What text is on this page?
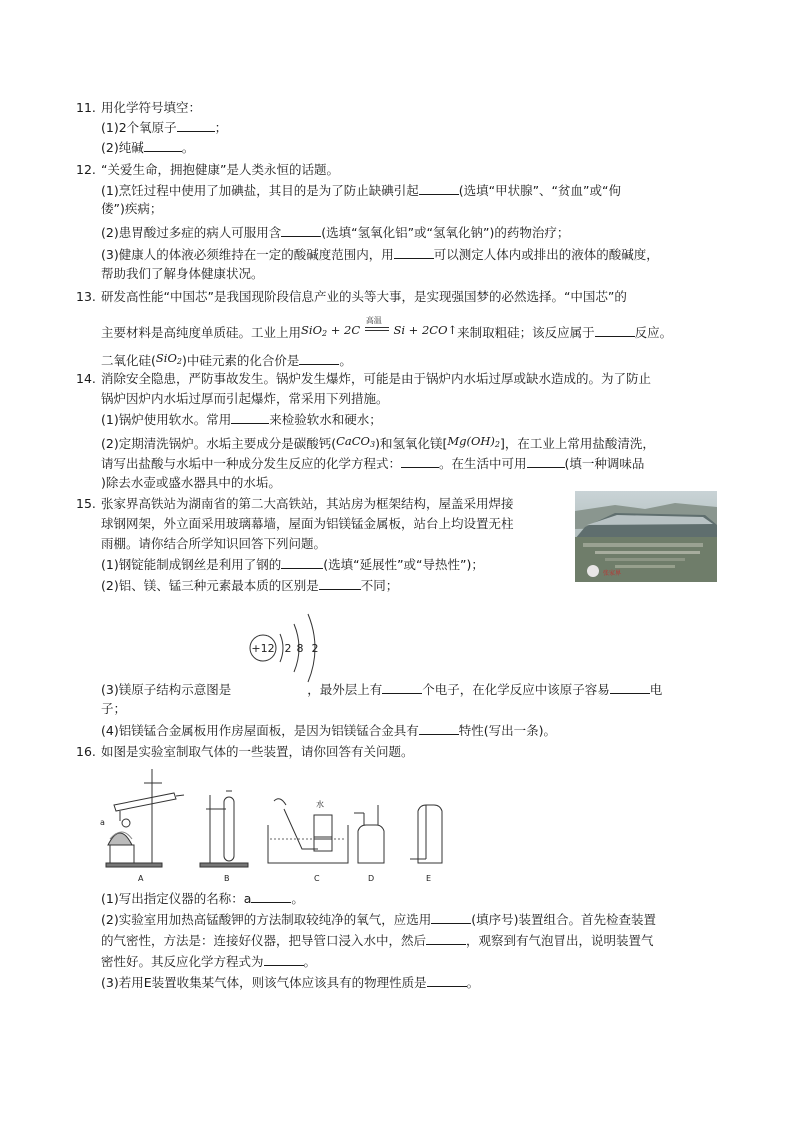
11. 用化学符号填空：
(1)2个氧原子	；
(2)纯碱	。
12. “关爱生命，拥抱健康”是人类永恒的话题。
(1)烹饪过程中使用了加碘盐，其目的是为了防止缺碘引起	(选填“甲状腺”、“贫血”或“佝
偻”)疾病；
(2)患胃酸过多症的病人可服用含	(选填“氢氧化铝”或“氢氧化钠”)的药物治疗；
(3)健康人的体液必须维持在一定的酸碱度范围内，用	可以测定人体内或排出的液体的酸碱度，
帮助我们了解身体健康状况。
13. 研发高性能“中国芯”是我国现阶段信息产业的头等大事，是实现强国梦的必然选择。“中国芯”的
主要材料是高纯度单质硅。工业上用SiO$_2$ + 2C
高温
Si + 2CO↑来制取粗硅；该反应属于	反应。
二氧化硅(SiO$_2$)中硅元素的化合价是	。
14. 消除安全隐患，严防事故发生。锅炉发生爆炸，可能是由于锅炉内水垢过厚或缺水造成的。为了防止
锅炉因炉内水垢过厚而引起爆炸，常采用下列措施。
(1)锅炉使用软水。常用	来检验软水和硬水；
(2)定期清洗锅炉。水垢主要成分是碳酸钙(CaCO$_3$)和氢氧化镁$[Mg(OH)_2]$，在工业上常用盐酸清洗，
请写出盐酸与水垢中一种成分发生反应的化学方程式：	。在生活中可用	(填一种调味品
)除去水壶或盛水器具中的水垢。
15. 张家界高铁站为湖南省的第二大高铁站，其站房为框架结构，屋盖采用焊接
球钢网架，外立面采用玻璃幕墙，屋面为铝镁锰金属板，站台上均设置无柱
雨棚。请你结合所学知识回答下列问题。
张家界
(1)钢锭能制成钢丝是利用了钢的	(选填“延展性”或“导热性”)；
(2)铝、镁、锰三种元素最本质的区别是	不同；
+12 2 8 2
(3)镁原子结构示意图是	，最外层上有	个电子，在化学反应中该原子容易	电
子；
(4)铝镁锰合金属板用作房屋面板，是因为铝镁锰合金具有	特性(写出一条)。
16. 如图是实验室制取气体的一些装置，请你回答有关问题。
a
水
A	B	C	D	E
(1)写出指定仪器的名称：a	。
(2)实验室用加热高锰酸钾的方法制取较纯净的氧气，应选用	(填序号)装置组合。首先检查装置
的气密性，方法是：连接好仪器，把导管口浸入水中，然后	，观察到有气泡冒出，说明装置气
密性好。其反应化学方程式为	。
(3)若用E装置收集某气体，则该气体应该具有的物理性质是	。
